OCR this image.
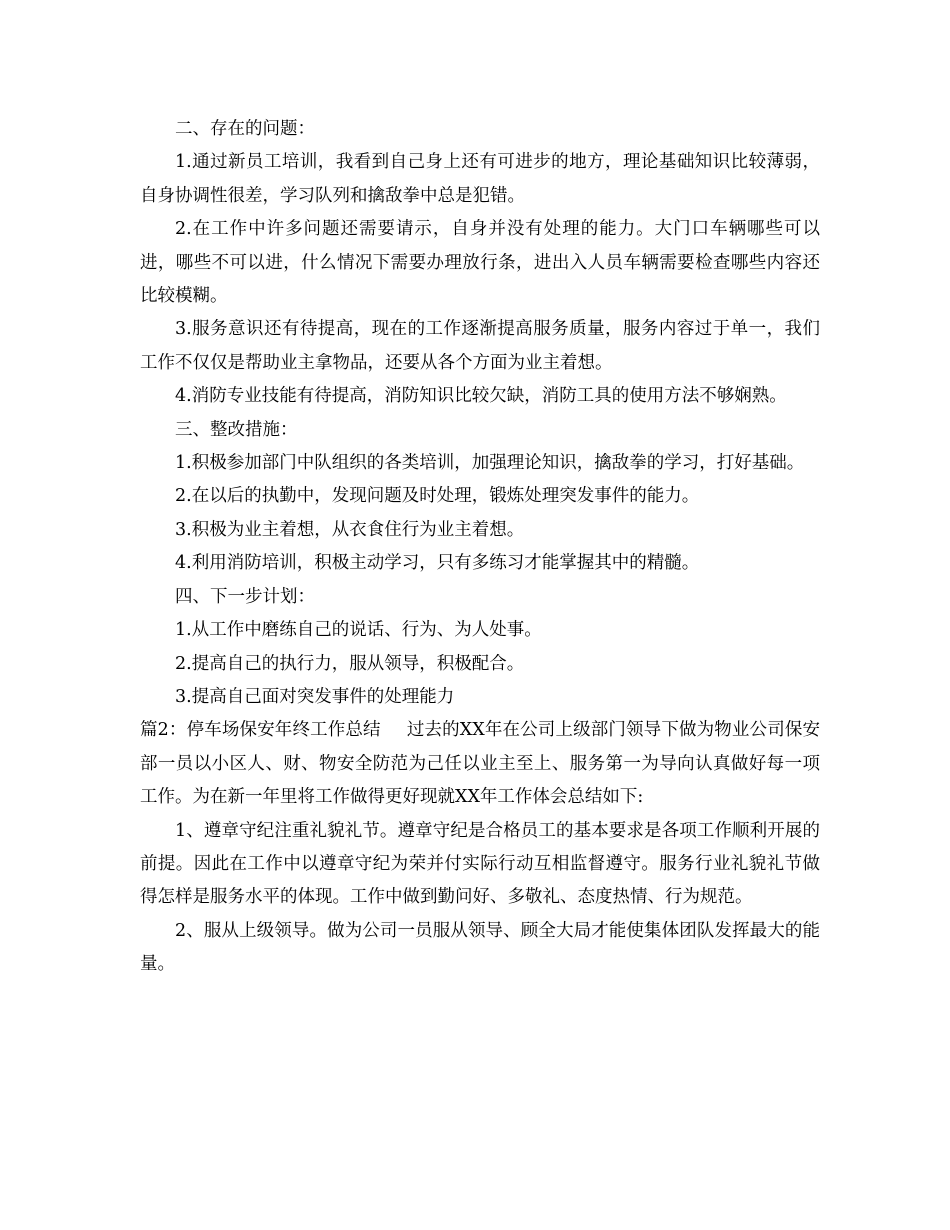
二、存在的问题：

1.通过新员工培训，我看到自己身上还有可进步的地方，理论基础知识比较薄弱，自身协调性很差，学习队列和擒敌拳中总是犯错。

2.在工作中许多问题还需要请示，自身并没有处理的能力。大门口车辆哪些可以进，哪些不可以进，什么情况下需要办理放行条，进出入人员车辆需要检查哪些内容还比较模糊。

3.服务意识还有待提高，现在的工作逐渐提高服务质量，服务内容过于单一，我们工作不仅仅是帮助业主拿物品，还要从各个方面为业主着想。

4.消防专业技能有待提高，消防知识比较欠缺，消防工具的使用方法不够娴熟。

三、整改措施：

1.积极参加部门中队组织的各类培训，加强理论知识，擒敌拳的学习，打好基础。

2.在以后的执勤中，发现问题及时处理，锻炼处理突发事件的能力。

3.积极为业主着想，从衣食住行为业主着想。

4.利用消防培训，积极主动学习，只有多练习才能掌握其中的精髓。

四、下一步计划：

1.从工作中磨练自己的说话、行为、为人处事。

2.提高自己的执行力，服从领导，积极配合。

3.提高自己面对突发事件的处理能力

篇2：停车场保安年终工作总结 过去的XX年在公司上级部门领导下做为物业公司保安部一员以小区人、财、物安全防范为己任以业主至上、服务第一为导向认真做好每一项工作。为在新一年里将工作做得更好现就XX年工作体会总结如下:

1、遵章守纪注重礼貌礼节。遵章守纪是合格员工的基本要求是各项工作顺利开展的前提。因此在工作中以遵章守纪为荣并付实际行动互相监督遵守。服务行业礼貌礼节做得怎样是服务水平的体现。工作中做到勤问好、多敬礼、态度热情、行为规范。

2、服从上级领导。做为公司一员服从领导、顾全大局才能使集体团队发挥最大的能量。
